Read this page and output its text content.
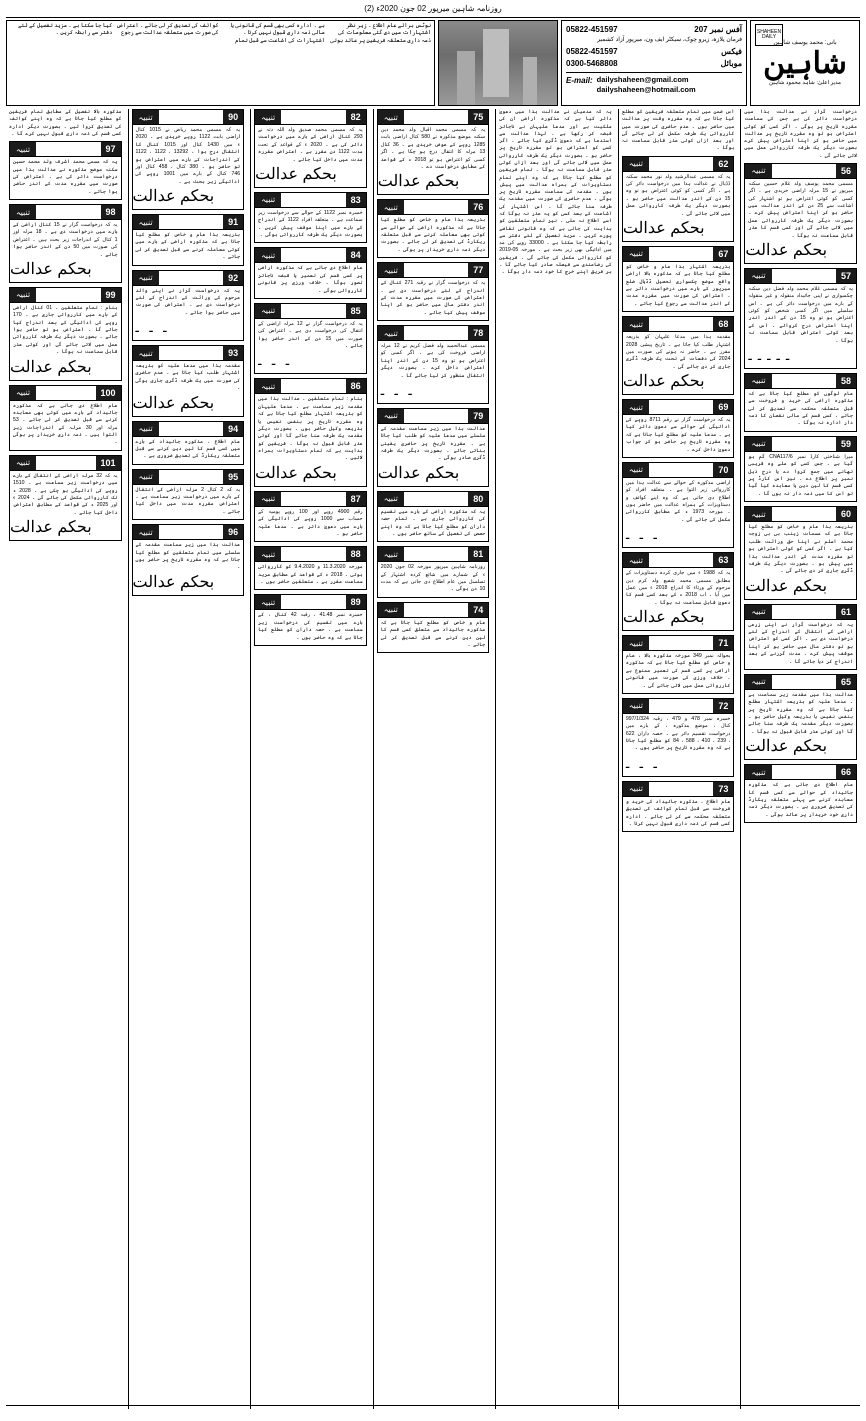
روزنامہ شاہین میرپور 02 جون 2020ء (2)
SHAHEEN DAILY
بانی: محمد یوسف شاہین
شاہین
مدیر اعلیٰ: شاہد محمود شاہین
آفس نمبر 207
05822-451597
فرمان پلازہ، زیرو چوک، سیکٹر ایف ون، میرپور آزاد کشمیر
فیکس
05822-451597
موبائل
0300-5468808
E-mail: dailyshaheen@gmail.com
dailyshaheen@hotmail.com
نوٹس برائے عام اطلاع ۔ زیر نظر اشتہارات میں دی گئی معلومات کی ذمہ داری متعلقہ فریقین پر عائد ہوتی ہے ۔ ادارہ کسی بھی قسم کی قانونی یا مالی ذمہ داری قبول نہیں کرتا ۔ اشتہارات کی اشاعت سے قبل تمام کوائف کی تصدیق کر لی جائے ۔ اعتراض کی صورت میں متعلقہ عدالت سے رجوع کیا جا سکتا ہے ۔ مزید تفصیل کے لئے دفتر سے رابطہ کریں ۔
درخواست گزار نے عدالت ہذا میں درخواست دائر کی ہے جس کی سماعت مقررہ تاریخ پر ہوگی ۔ اگر کسی کو کوئی اعتراض ہو تو وہ مقررہ تاریخ پر عدالت میں حاضر ہو کر اپنا اعتراض پیش کرے بصورت دیگر یک طرفہ کارروائی عمل میں لائی جائے گی ۔
56
تنبیہ
مسمی محمد یوسف ولد غلام حسین سکنہ میرپور نے 15 مرلہ اراضی خریدی ہے ۔ اگر کسی کو کوئی اعتراض ہو تو اشتہار کی اشاعت سے 25 دن کے اندر عدالت میں حاضر ہو کر اپنا اعتراض پیش کرے ۔ بصورت دیگر یک طرفہ کارروائی عمل میں لائی جائے گی اور کسی قسم کا عذر قابل سماعت نہ ہوگا ۔
بحکم عدالت
57
تنبیہ
یہ کہ مسمی غلام محمد ولد فضل دین سکنہ چکسواری نے اپنی جائیداد منقولہ و غیر منقولہ کے بارے میں درخواست دائر کی ہے ۔ اس سلسلے میں اگر کسی شخص کو کوئی اعتراض ہو تو وہ 15 دن کے اندر اندر اپنا اعتراض درج کروائے ۔ اس کے بعد کوئی اعتراض قابل سماعت نہ ہوگا ۔
۔۔۔۔۔
58
تنبیہ
عام لوگوں کو مطلع کیا جاتا ہے کہ مذکورہ اراضی کی خرید و فروخت سے قبل متعلقہ محکمہ سے تصدیق کر لی جائے ۔ کسی قسم کے مالی نقصان کا ذمہ دار ادارہ نہ ہوگا ۔
59
تنبیہ
میرا شناختی کارڈ نمبر 6/CNA117 گم ہو گیا ہے ۔ جس کسی کو ملے وہ قریبی تھانے میں جمع کروا دے یا درج ذیل نمبر پر اطلاع دے ۔ نیز اس کارڈ پر کسی قسم کا لین دین یا معاہدہ کیا گیا تو اس کا میں ذمہ دار نہ ہوں گا ۔
60
تنبیہ
بذریعہ ہذا عام و خاص کو مطلع کیا جاتا ہے کہ مسمات زینب بی بی زوجہ محمد اسلم نے اپنا حق وراثت طلب کیا ہے ۔ اگر کسی کو کوئی اعتراض ہو تو مقررہ مدت کے اندر عدالت ہذا میں پیش ہو ۔ بصورت دیگر یک طرفہ ڈگری جاری کر دی جائے گی ۔
بحکم عدالت
61
تنبیہ
یہ کہ درخواست گزار نے اپنی زرعی اراضی کے انتقال کے اندراج کے لئے درخواست دی ہے ۔ اگر کسی کو اعتراض ہو تو دفتر مال میں حاضر ہو کر اپنا موقف پیش کرے ۔ مدت گزرنے کے بعد اندراج کر دیا جائے گا ۔
65
تنبیہ
عدالت ہذا میں مقدمہ زیر سماعت ہے ۔ مدعا علیہ کو بذریعہ اشتہار مطلع کیا جاتا ہے کہ وہ مقررہ تاریخ پر بنفس نفیس یا بذریعہ وکیل حاضر ہو ۔ بصورت دیگر مقدمہ یک طرفہ سنا جائے گا اور کوئی عذر قابل قبول نہ ہوگا ۔
بحکم عدالت
66
تنبیہ
عام اطلاع دی جاتی ہے کہ مذکورہ جائیداد کے حوالے سے کسی قسم کا معاہدہ کرنے سے پہلے متعلقہ ریکارڈ کی تصدیق ضروری ہے ۔ بصورت دیگر ذمہ داری خود خریدار پر عائد ہوگی ۔
اس ضمن میں تمام متعلقہ فریقین کو مطلع کیا جاتا ہے کہ وہ مقررہ وقت پر عدالت میں حاضر ہوں ۔ عدم حاضری کی صورت میں کارروائی یک طرفہ مکمل کر لی جائے گی اور بعد ازاں کوئی عذر قابل سماعت نہ ہوگا ۔
62
تنبیہ
یہ کہ مسمی عبدالرشید ولد نور محمد سکنہ ڈڈیال نے عدالت ہذا میں درخواست دائر کی ہے ۔ اگر کسی کو کوئی اعتراض ہو تو وہ 15 دن کے اندر عدالت میں حاضر ہو ۔ بصورت دیگر یک طرفہ کارروائی عمل میں لائی جائے گی ۔
بحکم عدالت
67
تنبیہ
بذریعہ اشتہار ہذا عام و خاص کو مطلع کیا جاتا ہے کہ مذکورہ بالا اراضی واقع موضع چکسواری تحصیل ڈڈیال ضلع میرپور کے بارے میں درخواست دائر ہے ۔ اعتراض کی صورت میں مقررہ مدت کے اندر عدالت سے رجوع کیا جائے ۔
68
تنبیہ
مقدمہ ہذا میں مدعا علیہان کو بذریعہ اشتہار طلب کیا جاتا ہے ۔ تاریخ پیشی 2028 مقرر ہے ۔ حاضر نہ ہونے کی صورت میں 2024 کی دفعات کے تحت یک طرفہ ڈگری جاری کر دی جائے گی ۔
بحکم عدالت
69
تنبیہ
یہ کہ درخواست گزار نے رقم 8711 روپے کی ادائیگی کے حوالے سے دعویٰ دائر کیا ہے ۔ مدعا علیہ کو مطلع کیا جاتا ہے کہ وہ مقررہ تاریخ پر حاضر ہو کر جواب دعویٰ داخل کرے ۔
70
تنبیہ
اراضی مذکورہ کے حوالے سے عدالت ہذا میں کارروائی زیر التوا ہے ۔ متعلقہ افراد کو اطلاع دی جاتی ہے کہ وہ اپنے کوائف و دستاویزات کے ہمراہ عدالت میں حاضر ہوں ۔ مورخہ 1973 ء کے مطابق کارروائی مکمل کی جائے گی ۔
۔ ۔ ۔
63
تنبیہ
یہ کہ 1988 ء میں جاری کردہ دستاویزات کے مطابق مسمی محمد شفیع ولد کرم دین مرحوم کے ورثاء کا اندراج 2018 ء میں عمل میں آیا ۔ اب 2018 ء کے بعد کسی قسم کا دعویٰ قابل سماعت نہ ہوگا ۔
بحکم عدالت
71
تنبیہ
بحوالہ نمبر 349 مورخہ مذکورہ بالا ، عام و خاص کو مطلع کیا جاتا ہے کہ مذکورہ اراضی پر کسی قسم کی تعمیر ممنوع ہے ۔ خلاف ورزی کی صورت میں قانونی کارروائی عمل میں لائی جائے گی ۔
72
تنبیہ
خسرہ نمبر 478 و 479 ، رقبہ 997/1/324 کنال ، موضع مذکورہ ، کے بارے میں درخواست تقسیم دائر ہے ۔ حصہ داران 622 ، 239 ، 410 ، 588 ، 84 کو مطلع کیا جاتا ہے کہ وہ مقررہ تاریخ پر حاضر ہوں ۔
۔ ۔ ۔
73
تنبیہ
عام اطلاع ۔ مذکورہ جائیداد کی خرید و فروخت سے قبل تمام کوائف کی تصدیق متعلقہ محکمہ سے کر لی جائے ۔ ادارہ کسی قسم کی ذمہ داری قبول نہیں کرتا ۔
یہ کہ مدعیان نے عدالت ہذا میں دعویٰ دائر کیا ہے کہ مذکورہ اراضی ان کی ملکیت ہے اور مدعا علیہان نے ناجائز قبضہ کر رکھا ہے ۔ لہذا عدالت سے استدعا ہے کہ دعویٰ ڈگری کیا جائے ۔ اگر کسی کو اعتراض ہو تو مقررہ تاریخ پر حاضر ہو ۔ بصورت دیگر یک طرفہ کارروائی عمل میں لائی جائے گی اور بعد ازاں کوئی عذر قابل سماعت نہ ہوگا ۔ تمام فریقین کو مطلع کیا جاتا ہے کہ وہ اپنے تمام دستاویزات کے ہمراہ عدالت میں پیش ہوں ۔ مقدمہ کی سماعت مقررہ تاریخ پر ہوگی ۔ عدم حاضری کی صورت میں مقدمہ یک طرفہ سنا جائے گا ۔ اس اشتہار کی اشاعت کے بعد کسی کو یہ عذر نہ ہوگا کہ اسے اطلاع نہ ملی ۔ نیز تمام متعلقین کو ہدایت کی جاتی ہے کہ وہ قانونی تقاضے پورے کریں ۔ مزید تفصیل کے لئے دفتر سے رابطہ کیا جا سکتا ہے ۔ 33000 روپے کی مد میں ادائیگی بھی زیر بحث ہے ۔ مورخہ 05-2019 کو کارروائی مکمل کی جائے گی ۔ فریقین کی رضامندی سے فیصلہ صادر کیا جائے گا ۔ ہر فریق اپنے خرچ کا خود ذمہ دار ہوگا ۔
75
تنبیہ
یہ کہ مسمی محمد اقبال ولد محمد دین سکنہ موضع مذکورہ نے 580 کنال اراضی بابت 1285 روپے کے عوض خریدی ہے ۔ 36 کنال 13 مرلہ کا انتقال درج ہو چکا ہے ۔ اگر کسی کو اعتراض ہو تو 2018 ء کے قواعد کے مطابق درخواست دے ۔
بحکم عدالت
76
تنبیہ
بذریعہ ہذا عام و خاص کو مطلع کیا جاتا ہے کہ مذکورہ اراضی کے حوالے سے کوئی بھی معاملہ کرنے سے قبل متعلقہ ریکارڈ کی تصدیق کر لی جائے ۔ بصورت دیگر ذمہ داری خریدار پر ہوگی ۔
77
تنبیہ
یہ کہ درخواست گزار نے رقبہ 271 کنال کے اندراج کے لئے درخواست دی ہے ۔ اعتراض کی صورت میں مقررہ مدت کے اندر دفتر مال میں حاضر ہو کر اپنا موقف پیش کیا جائے ۔
78
تنبیہ
مسمی عبدالحمید ولد فضل کریم نے 12 مرلہ اراضی فروخت کی ہے ۔ اگر کسی کو اعتراض ہو تو وہ 15 دن کے اندر اپنا اعتراض داخل کرے ۔ بصورت دیگر انتقال منظور کر لیا جائے گا ۔
۔ ۔ ۔
79
تنبیہ
عدالت ہذا میں زیر سماعت مقدمہ کے سلسلے میں مدعا علیہ کو طلب کیا جاتا ہے ۔ مقررہ تاریخ پر حاضری یقینی بنائی جائے ۔ بصورت دیگر یک طرفہ ڈگری صادر ہوگی ۔
بحکم عدالت
80
تنبیہ
یہ کہ مذکورہ اراضی کے بارے میں تقسیم کی کارروائی جاری ہے ۔ تمام حصہ داران کو مطلع کیا جاتا ہے کہ وہ اپنے حصص کی تفصیل کے ساتھ حاضر ہوں ۔
81
تنبیہ
روزنامہ شاہین میرپور مورخہ 02 جون 2020 ء کے شمارے میں شائع کردہ اشتہار کے تسلسل میں عام اطلاع دی جاتی ہے کہ مدت 10 دن ہوگی ۔
74
تنبیہ
عام و خاص کو مطلع کیا جاتا ہے کہ مذکورہ جائیداد سے متعلق کسی قسم کا لین دین کرنے سے قبل تصدیق کر لی جائے ۔
82
تنبیہ
یہ کہ مسمی محمد صدیق ولد اللہ دتہ نے 293 کنال اراضی کے بارے میں درخواست دائر کی ہے ۔ 2020 ء کے قواعد کے تحت مدت 1122 دن مقرر ہے ۔ اعتراض مقررہ مدت میں داخل کیا جائے ۔
بحکم عدالت
83
تنبیہ
خسرہ نمبر 1122 کے حوالے سے درخواست زیر سماعت ہے ۔ متعلقہ افراد 1122 کے اندراج کے بارے میں اپنا موقف پیش کریں ۔ بصورت دیگر یک طرفہ کارروائی ہوگی ۔
84
تنبیہ
عام اطلاع دی جاتی ہے کہ مذکورہ اراضی پر کسی قسم کی تعمیر یا قبضہ ناجائز تصور ہوگا ۔ خلاف ورزی پر قانونی کارروائی ہوگی ۔
85
تنبیہ
یہ کہ درخواست گزار نے 12 مرلہ اراضی کے انتقال کی درخواست دی ہے ۔ اعتراض کی صورت میں 15 دن کے اندر حاضر ہوا جائے ۔
۔ ۔ ۔
86
تنبیہ
بنام : تمام متعلقین ۔ عدالت ہذا میں مقدمہ زیر سماعت ہے ۔ مدعا علیہان کو بذریعہ اشتہار مطلع کیا جاتا ہے کہ وہ مقررہ تاریخ پر بنفس نفیس یا بذریعہ وکیل حاضر ہوں ۔ بصورت دیگر مقدمہ یک طرفہ سنا جائے گا اور کوئی عذر قابل قبول نہ ہوگا ۔ فریقین کو ہدایت ہے کہ تمام دستاویزات ہمراہ لائیں ۔
بحکم عدالت
87
تنبیہ
رقم 4900 روپے اور 100 روپے یومیہ کے حساب سے 1000 روپے کی ادائیگی کے بارے میں دعویٰ دائر ہے ۔ مدعا علیہ حاضر ہو ۔
88
تنبیہ
مورخہ 11.3.2020 و 9.4.2020 کو کارروائی ہوئی ۔ 2018 ء کے قواعد کے مطابق مزید سماعت مقرر ہے ۔ متعلقین حاضر ہوں ۔
89
تنبیہ
خسرہ نمبر 41.48 ، رقبہ 42 کنال ، کے بارے میں تقسیم کی درخواست زیر سماعت ہے ۔ حصہ داران کو مطلع کیا جاتا ہے کہ وہ حاضر ہوں ۔
90
تنبیہ
یہ کہ مسمی محمد ریاض نے 1015 کنال اراضی بابت 1122 روپے خریدی ہے ۔ 2020 ء میں 1430 کنال اور 1015 کنال کا انتقال درج ہوا ۔ 13292 ، 1122 ، 1122 کے اندراجات کے بارے میں اعتراض ہو تو حاضر ہو ۔ 380 کنال ، 458 کنال اور 746 کنال کے بارے میں 1001 روپے کی ادائیگی زیر بحث ہے ۔
بحکم عدالت
91
تنبیہ
بذریعہ ہذا عام و خاص کو مطلع کیا جاتا ہے کہ مذکورہ اراضی کے بارے میں کوئی معاملہ کرنے سے قبل تصدیق کر لی جائے ۔
92
تنبیہ
یہ کہ درخواست گزار نے اپنے والد مرحوم کی وراثت کے اندراج کے لئے درخواست دی ہے ۔ اعتراض کی صورت میں حاضر ہوا جائے ۔
۔ ۔ ۔
93
تنبیہ
مقدمہ ہذا میں مدعا علیہ کو بذریعہ اشتہار طلب کیا جاتا ہے ۔ عدم حاضری کی صورت میں یک طرفہ ڈگری جاری ہوگی ۔
بحکم عدالت
94
تنبیہ
عام اطلاع ۔ مذکورہ جائیداد کے بارے میں کسی قسم کا لین دین کرنے سے قبل متعلقہ ریکارڈ کی تصدیق ضروری ہے ۔
95
تنبیہ
یہ کہ 2 کنال 2 مرلہ اراضی کے انتقال کے بارے میں درخواست زیر سماعت ہے ۔ اعتراض مقررہ مدت میں داخل کیا جائے ۔
96
تنبیہ
عدالت ہذا میں زیر سماعت مقدمہ کے سلسلے میں تمام متعلقین کو مطلع کیا جاتا ہے کہ وہ مقررہ تاریخ پر حاضر ہوں ۔
بحکم عدالت
مذکورہ بالا تفصیل کے مطابق تمام فریقین کو مطلع کیا جاتا ہے کہ وہ اپنے کوائف کی تصدیق کروا لیں ۔ بصورت دیگر ادارہ کسی قسم کی ذمہ داری قبول نہیں کرے گا ۔
97
تنبیہ
یہ کہ مسمی محمد اشرف ولد محمد حسین سکنہ موضع مذکورہ نے عدالت ہذا میں درخواست دائر کی ہے ۔ اعتراض کی صورت میں مقررہ مدت کے اندر حاضر ہوا جائے ۔
98
تنبیہ
یہ کہ درخواست گزار نے 15 کنال اراضی کے بارے میں درخواست دی ہے ۔ 18 مرلہ اور 1 کنال کے اندراجات زیر بحث ہیں ۔ اعتراض کی صورت میں 50 دن کے اندر حاضر ہوا جائے ۔
بحکم عدالت
99
تنبیہ
بنام : تمام متعلقین ۔ 01 کنال اراضی کے بارے میں کارروائی جاری ہے ۔ 170 روپے کی ادائیگی کے بعد اندراج کیا جائے گا ۔ اعتراض ہو تو حاضر ہوا جائے ۔ بصورت دیگر یک طرفہ کارروائی عمل میں لائی جائے گی اور کوئی عذر قابل سماعت نہ ہوگا ۔
بحکم عدالت
100
تنبیہ
عام اطلاع دی جاتی ہے کہ مذکورہ جائیداد کے بارے میں کوئی بھی معاہدہ کرنے سے قبل تصدیق کر لی جائے ۔ 53 مرلہ اور 30 مرلہ کے اندراجات زیر التوا ہیں ۔ ذمہ داری خریدار پر ہوگی ۔
101
تنبیہ
یہ کہ 32 مرلہ اراضی کے انتقال کے بارے میں درخواست زیر سماعت ہے ۔ 1510 روپے کی ادائیگی ہو چکی ہے ۔ 2028 ء تک کارروائی مکمل کی جائے گی ۔ 2024 ء اور 2025 ء کے قواعد کے مطابق اعتراض داخل کیا جائے ۔
بحکم عدالت
